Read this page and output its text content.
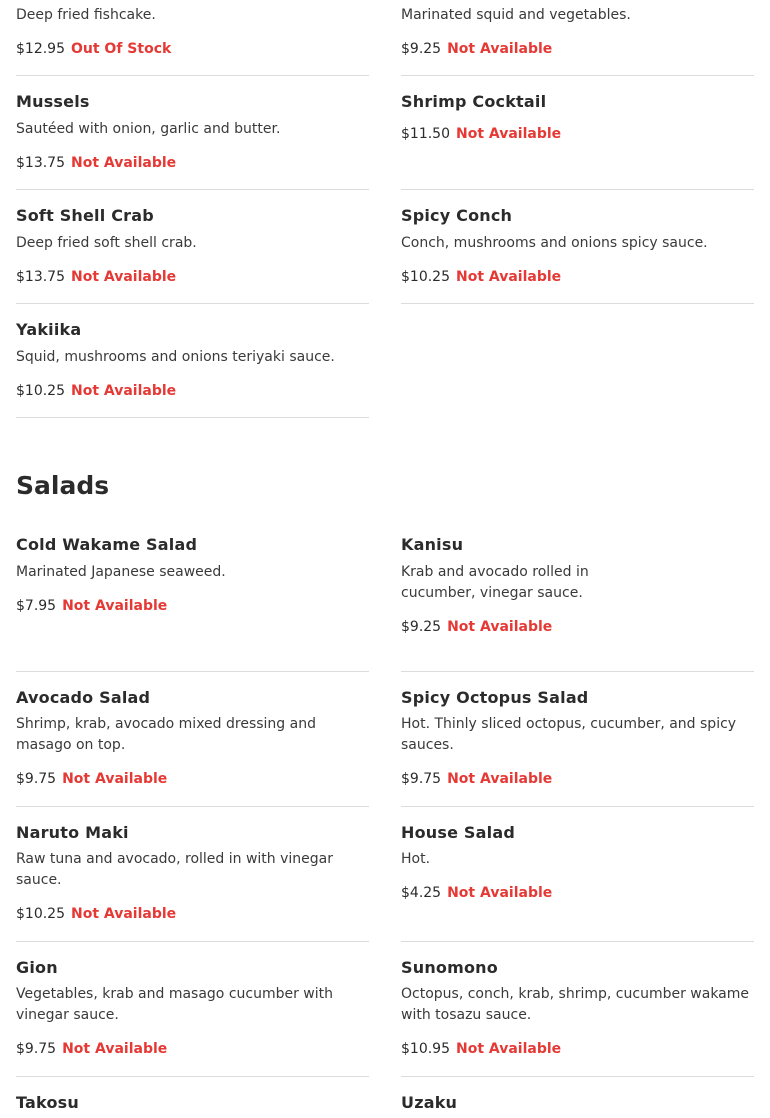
Deep fried fishcake.
$12.95 Out Of Stock
Mussels
Sautéed with onion, garlic and butter.
$13.75 Not Available
Soft Shell Crab
Deep fried soft shell crab.
$13.75 Not Available
Yakiika
Squid, mushrooms and onions teriyaki sauce.
$10.25 Not Available
Marinated squid and vegetables.
$9.25 Not Available
Shrimp Cocktail
$11.50 Not Available
Spicy Conch
Conch, mushrooms and onions spicy sauce.
$10.25 Not Available
Salads
Cold Wakame Salad
Marinated Japanese seaweed.
$7.95 Not Available
Avocado Salad
Shrimp, krab, avocado mixed dressing and masago on top.
$9.75 Not Available
Naruto Maki
Raw tuna and avocado, rolled in with vinegar sauce.
$10.25 Not Available
Gion
Vegetables, krab and masago cucumber with vinegar sauce.
$9.75 Not Available
Takosu
Kanisu
Krab and avocado rolled in cucumber, vinegar sauce.
$9.25 Not Available
Spicy Octopus Salad
Hot. Thinly sliced octopus, cucumber, and spicy sauces.
$9.75 Not Available
House Salad
Hot.
$4.25 Not Available
Sunomono
Octopus, conch, krab, shrimp, cucumber wakame with tosazu sauce.
$10.95 Not Available
Uzaku
